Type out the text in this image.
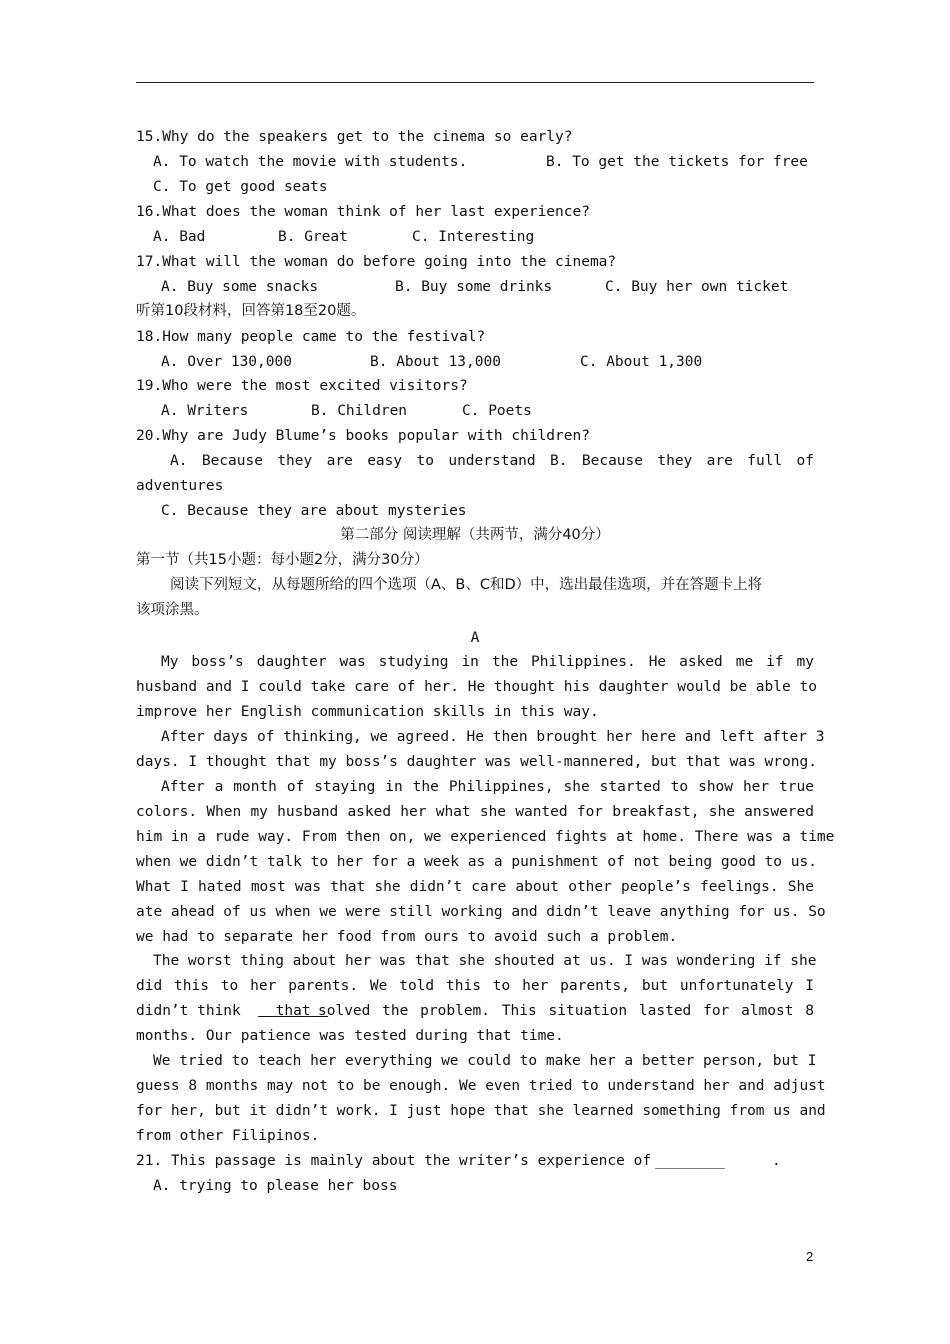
15.Why do the speakers get to the cinema so early?
A. To watch the movie with students.	B. To get the tickets for free
C. To get good seats
16.What does the woman think of her last experience?
A. Bad	B. Great	C. Interesting
17.What will the woman do before going into the cinema?
A. Buy some snacks	B. Buy some drinks	C. Buy her own ticket
听第10段材料，回答第18至20题。
18.How many people came to the festival?
A. Over 130,000	B. About 13,000	C. About 1,300
19.Who were the most excited visitors?
A. Writers	B. Children	C. Poets
20.Why are Judy Blume’s books popular with children?
A. Because they are easy to understand B. Because they are full of
adventures
C. Because they are about mysteries
第二部分 阅读理解（共两节，满分40分）
第一节（共15小题：每小题2分，满分30分）
阅读下列短文，从每题所给的四个选项（A、B、C和D）中，选出最佳选项，并在答题卡上将
该项涂黑。
A
My boss’s daughter was studying in the Philippines. He asked me if my
husband and I could take care of her. He thought his daughter would be able to
improve her English communication skills in this way.
After days of thinking, we agreed. He then brought her here and left after 3
days. I thought that my boss’s daughter was well-mannered, but that was wrong.
After a month of staying in the Philippines, she started to show her true
colors. When my husband asked her what she wanted for breakfast, she answered
him in a rude way. From then on, we experienced fights at home. There was a time
when we didn’t talk to her for a week as a punishment of not being good to us.
What I hated most was that she didn’t care about other people’s feelings. She
ate ahead of us when we were still working and didn’t leave anything for us. So
we had to separate her food from ours to avoid such a problem.
The worst thing about her was that she shouted at us. I was wondering if she
did this to her parents. We told this to her parents, but unfortunately I
didn’t think that solved the problem. This situation lasted for almost 8
months. Our patience was tested during that time.
We tried to teach her everything we could to make her a better person, but I
guess 8 months may not to be enough. We even tried to understand her and adjust
for her, but it didn’t work. I just hope that she learned something from us and
from other Filipinos.
21. This passage is mainly about the writer’s experience of ________	.
A. trying to please her boss
2
